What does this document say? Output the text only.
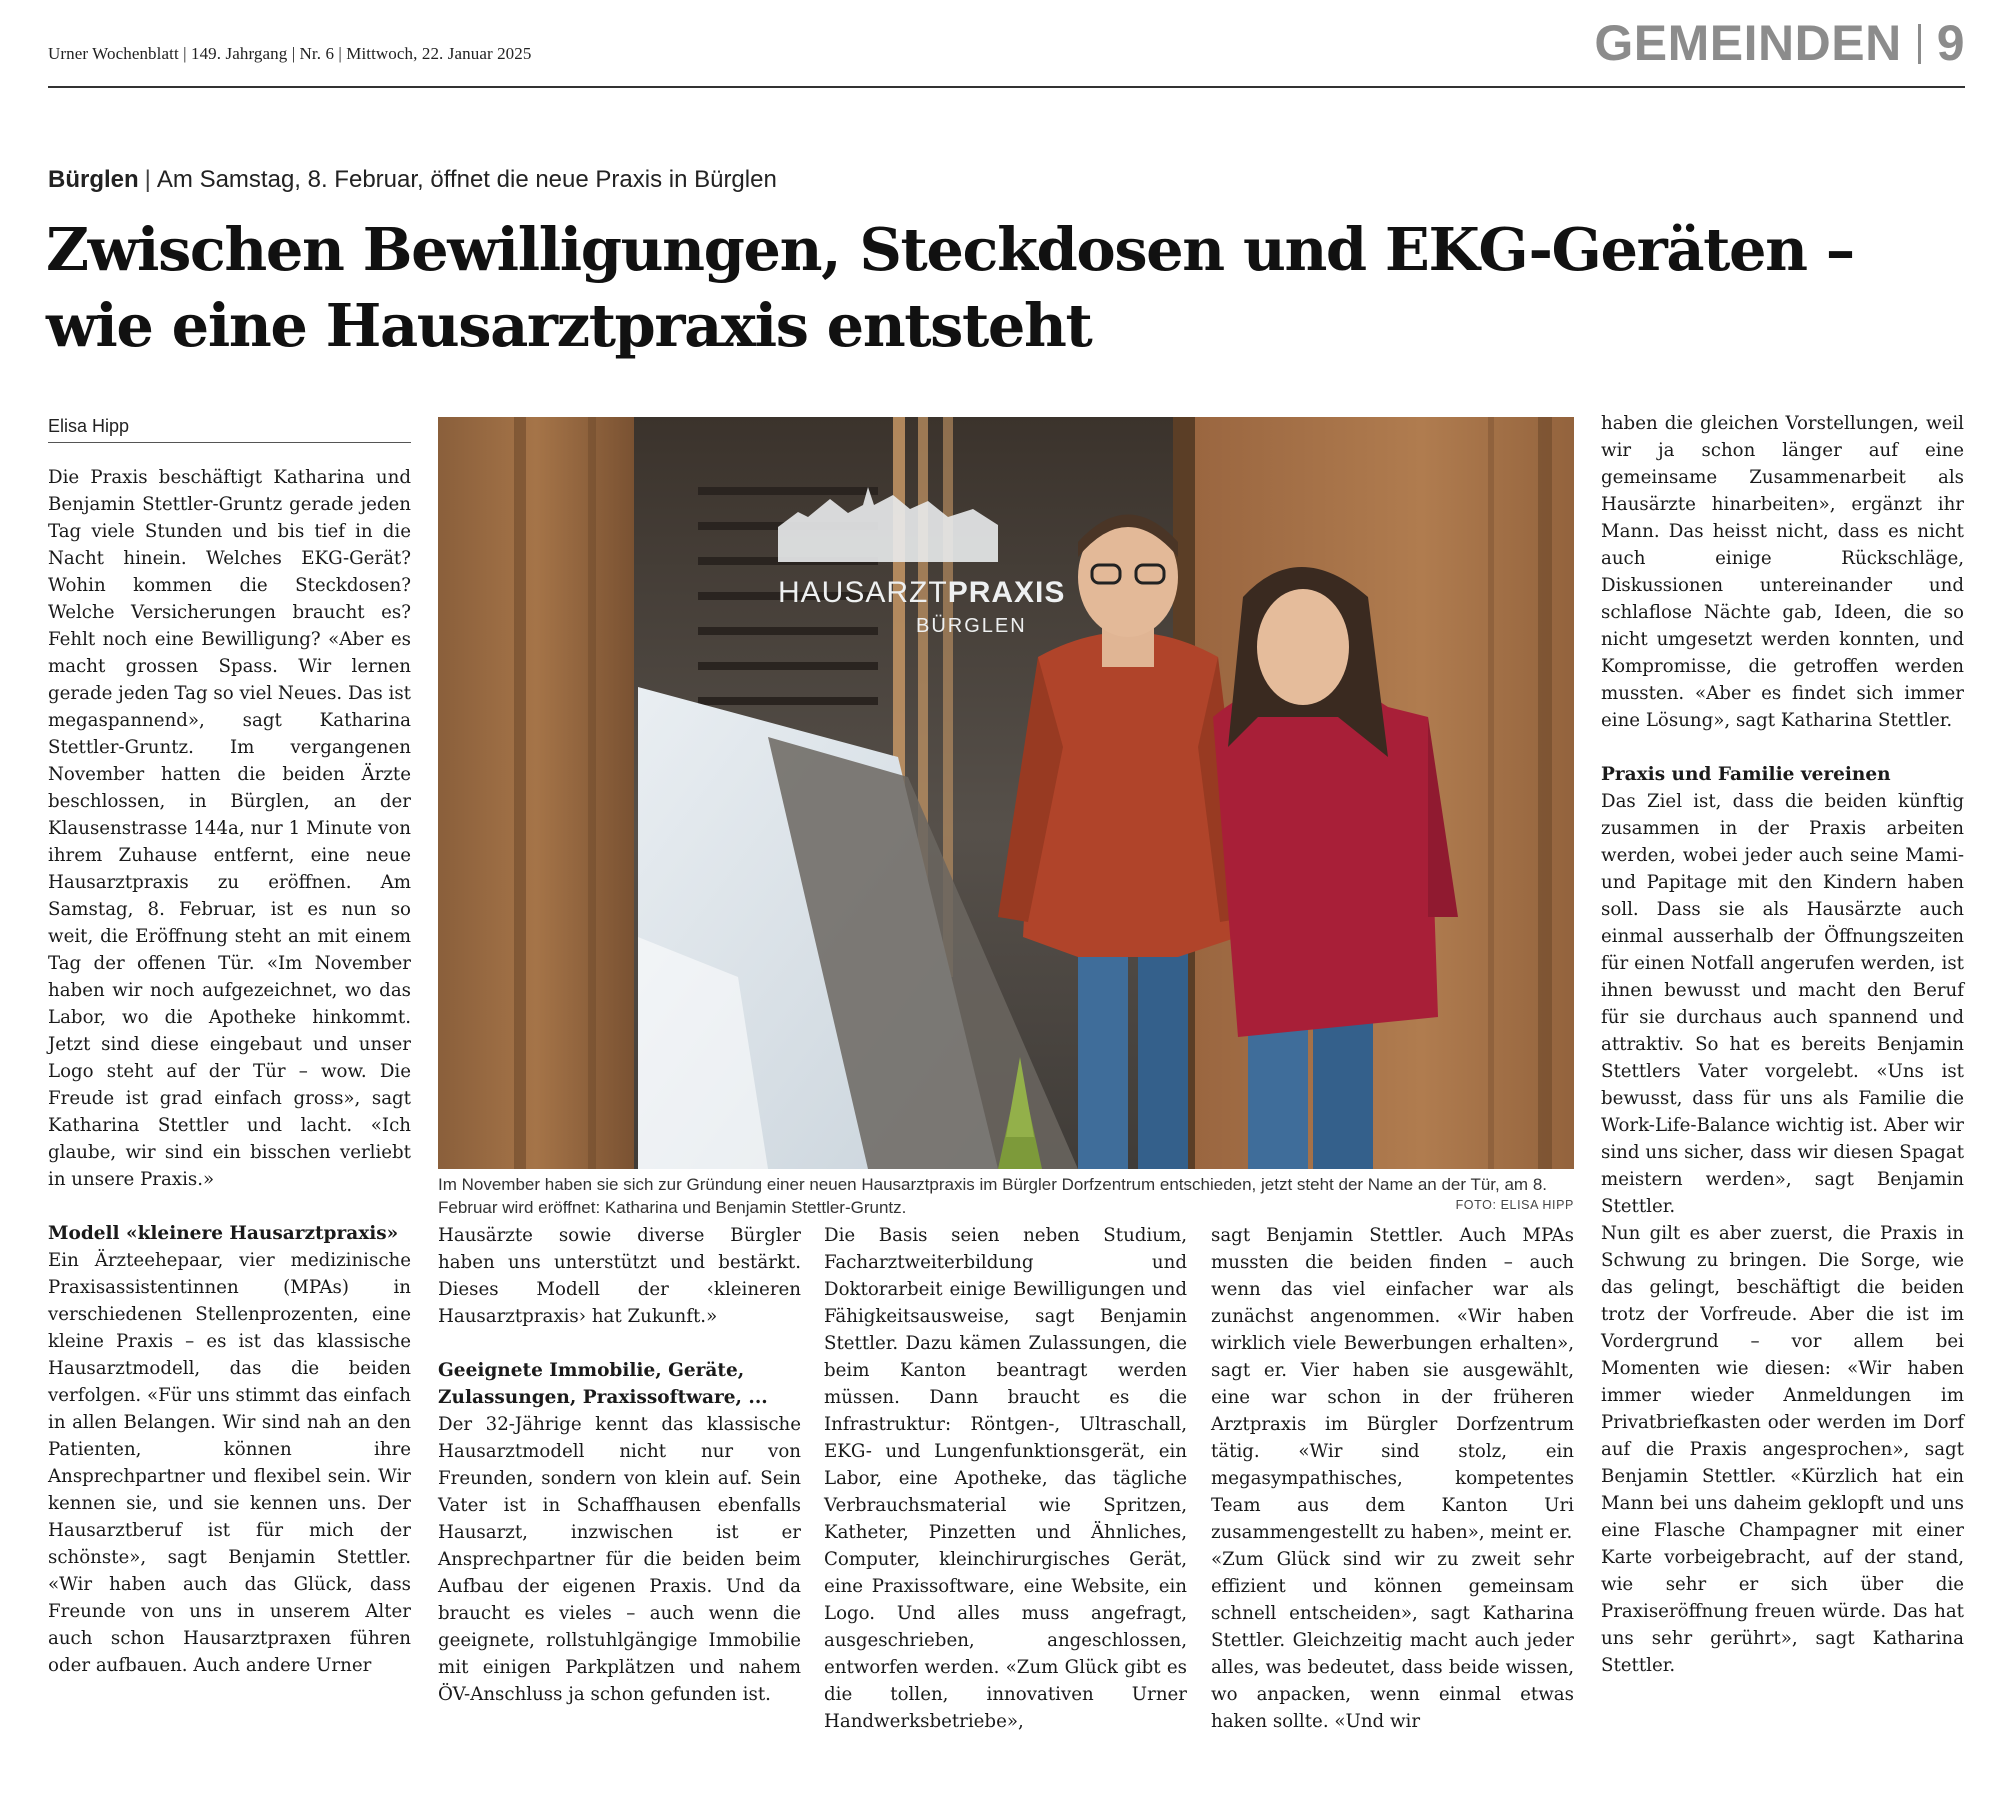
Urner Wochenblatt | 149. Jahrgang | Nr. 6 | Mittwoch, 22. Januar 2025	GEMEINDEN 9
Bürglen | Am Samstag, 8. Februar, öffnet die neue Praxis in Bürglen
Zwischen Bewilligungen, Steckdosen und EKG-Geräten – wie eine Hausarztpraxis entsteht
Elisa Hipp

Die Praxis beschäftigt Katharina und Benjamin Stettler-Gruntz gerade jeden Tag viele Stunden und bis tief in die Nacht hinein. Welches EKG-Gerät? Wohin kommen die Steckdosen? Welche Versicherungen braucht es? Fehlt noch eine Bewilligung? «Aber es macht grossen Spass. Wir lernen gerade jeden Tag so viel Neues. Das ist megaspannend», sagt Katharina Stettler-Gruntz. Im vergangenen November hatten die beiden Ärzte beschlossen, in Bürglen, an der Klausenstrasse 144a, nur 1 Minute von ihrem Zuhause entfernt, eine neue Hausarztpraxis zu eröffnen. Am Samstag, 8. Februar, ist es nun so weit, die Eröffnung steht an mit einem Tag der offenen Tür. «Im November haben wir noch aufgezeichnet, wo das Labor, wo die Apotheke hinkommt. Jetzt sind diese eingebaut und unser Logo steht auf der Tür – wow. Die Freude ist grad einfach gross», sagt Katharina Stettler und lacht. «Ich glaube, wir sind ein bisschen verliebt in unsere Praxis.»

Modell «kleinere Hausarztpraxis»

Ein Ärzteehepaar, vier medizinische Praxisassistentinnen (MPAs) in verschiedenen Stellenprozenten, eine kleine Praxis – es ist das klassische Hausarztmodell, das die beiden verfolgen. «Für uns stimmt das einfach in allen Belangen. Wir sind nah an den Patienten, können ihre Ansprechpartner und flexibel sein. Wir kennen sie, und sie kennen uns. Der Hausarztberuf ist für mich der schönste», sagt Benjamin Stettler. «Wir haben auch das Glück, dass Freunde von uns in unserem Alter auch schon Hausarztpraxen führen oder aufbauen. Auch andere Urner

HAUSARZTPRAXIS
BÜRGLEN
Im November haben sie sich zur Gründung einer neuen Hausarztpraxis im Bürgler Dorfzentrum entschieden, jetzt steht der Name an der Tür, am 8. Februar wird eröffnet: Katharina und Benjamin Stettler-Gruntz.	FOTO: ELISA HIPP

Hausärzte sowie diverse Bürgler haben uns unterstützt und bestärkt. Dieses Modell der ‹kleineren Hausarztpraxis› hat Zukunft.»

Geeignete Immobilie, Geräte, Zulassungen, Praxissoftware, ...

Der 32-Jährige kennt das klassische Hausarztmodell nicht nur von Freunden, sondern von klein auf. Sein Vater ist in Schaffhausen ebenfalls Hausarzt, inzwischen ist er Ansprechpartner für die beiden beim Aufbau der eigenen Praxis. Und da braucht es vieles – auch wenn die geeignete, rollstuhlgängige Immobilie mit einigen Parkplätzen und nahem ÖV-Anschluss ja schon gefunden ist.

Die Basis seien neben Studium, Facharztweiterbildung und Doktorarbeit einige Bewilligungen und Fähigkeitsausweise, sagt Benjamin Stettler. Dazu kämen Zulassungen, die beim Kanton beantragt werden müssen. Dann braucht es die Infrastruktur: Röntgen-, Ultraschall, EKG- und Lungenfunktionsgerät, ein Labor, eine Apotheke, das tägliche Verbrauchsmaterial wie Spritzen, Katheter, Pinzetten und Ähnliches, Computer, kleinchirurgisches Gerät, eine Praxissoftware, eine Website, ein Logo. Und alles muss angefragt, ausgeschrieben, angeschlossen, entworfen werden. «Zum Glück gibt es die tollen, innovativen Urner Handwerksbetriebe»,

sagt Benjamin Stettler. Auch MPAs mussten die beiden finden – auch wenn das viel einfacher war als zunächst angenommen. «Wir haben wirklich viele Bewerbungen erhalten», sagt er. Vier haben sie ausgewählt, eine war schon in der früheren Arztpraxis im Bürgler Dorfzentrum tätig. «Wir sind stolz, ein megasympathisches, kompetentes Team aus dem Kanton Uri zusammengestellt zu haben», meint er.

«Zum Glück sind wir zu zweit sehr effizient und können gemeinsam schnell entscheiden», sagt Katharina Stettler. Gleichzeitig macht auch jeder alles, was bedeutet, dass beide wissen, wo anpacken, wenn einmal etwas haken sollte. «Und wir

haben die gleichen Vorstellungen, weil wir ja schon länger auf eine gemeinsame Zusammenarbeit als Hausärzte hinarbeiten», ergänzt ihr Mann. Das heisst nicht, dass es nicht auch einige Rückschläge, Diskussionen untereinander und schlaflose Nächte gab, Ideen, die so nicht umgesetzt werden konnten, und Kompromisse, die getroffen werden mussten. «Aber es findet sich immer eine Lösung», sagt Katharina Stettler.

Praxis und Familie vereinen

Das Ziel ist, dass die beiden künftig zusammen in der Praxis arbeiten werden, wobei jeder auch seine Mami- und Papitage mit den Kindern haben soll. Dass sie als Hausärzte auch einmal ausserhalb der Öffnungszeiten für einen Notfall angerufen werden, ist ihnen bewusst und macht den Beruf für sie durchaus auch spannend und attraktiv. So hat es bereits Benjamin Stettlers Vater vorgelebt. «Uns ist bewusst, dass für uns als Familie die Work-Life-Balance wichtig ist. Aber wir sind uns sicher, dass wir diesen Spagat meistern werden», sagt Benjamin Stettler.

Nun gilt es aber zuerst, die Praxis in Schwung zu bringen. Die Sorge, wie das gelingt, beschäftigt die beiden trotz der Vorfreude. Aber die ist im Vordergrund – vor allem bei Momenten wie diesen: «Wir haben immer wieder Anmeldungen im Privatbriefkasten oder werden im Dorf auf die Praxis angesprochen», sagt Benjamin Stettler. «Kürzlich hat ein Mann bei uns daheim geklopft und uns eine Flasche Champagner mit einer Karte vorbeigebracht, auf der stand, wie sehr er sich über die Praxiseröffnung freuen würde. Das hat uns sehr gerührt», sagt Katharina Stettler.
